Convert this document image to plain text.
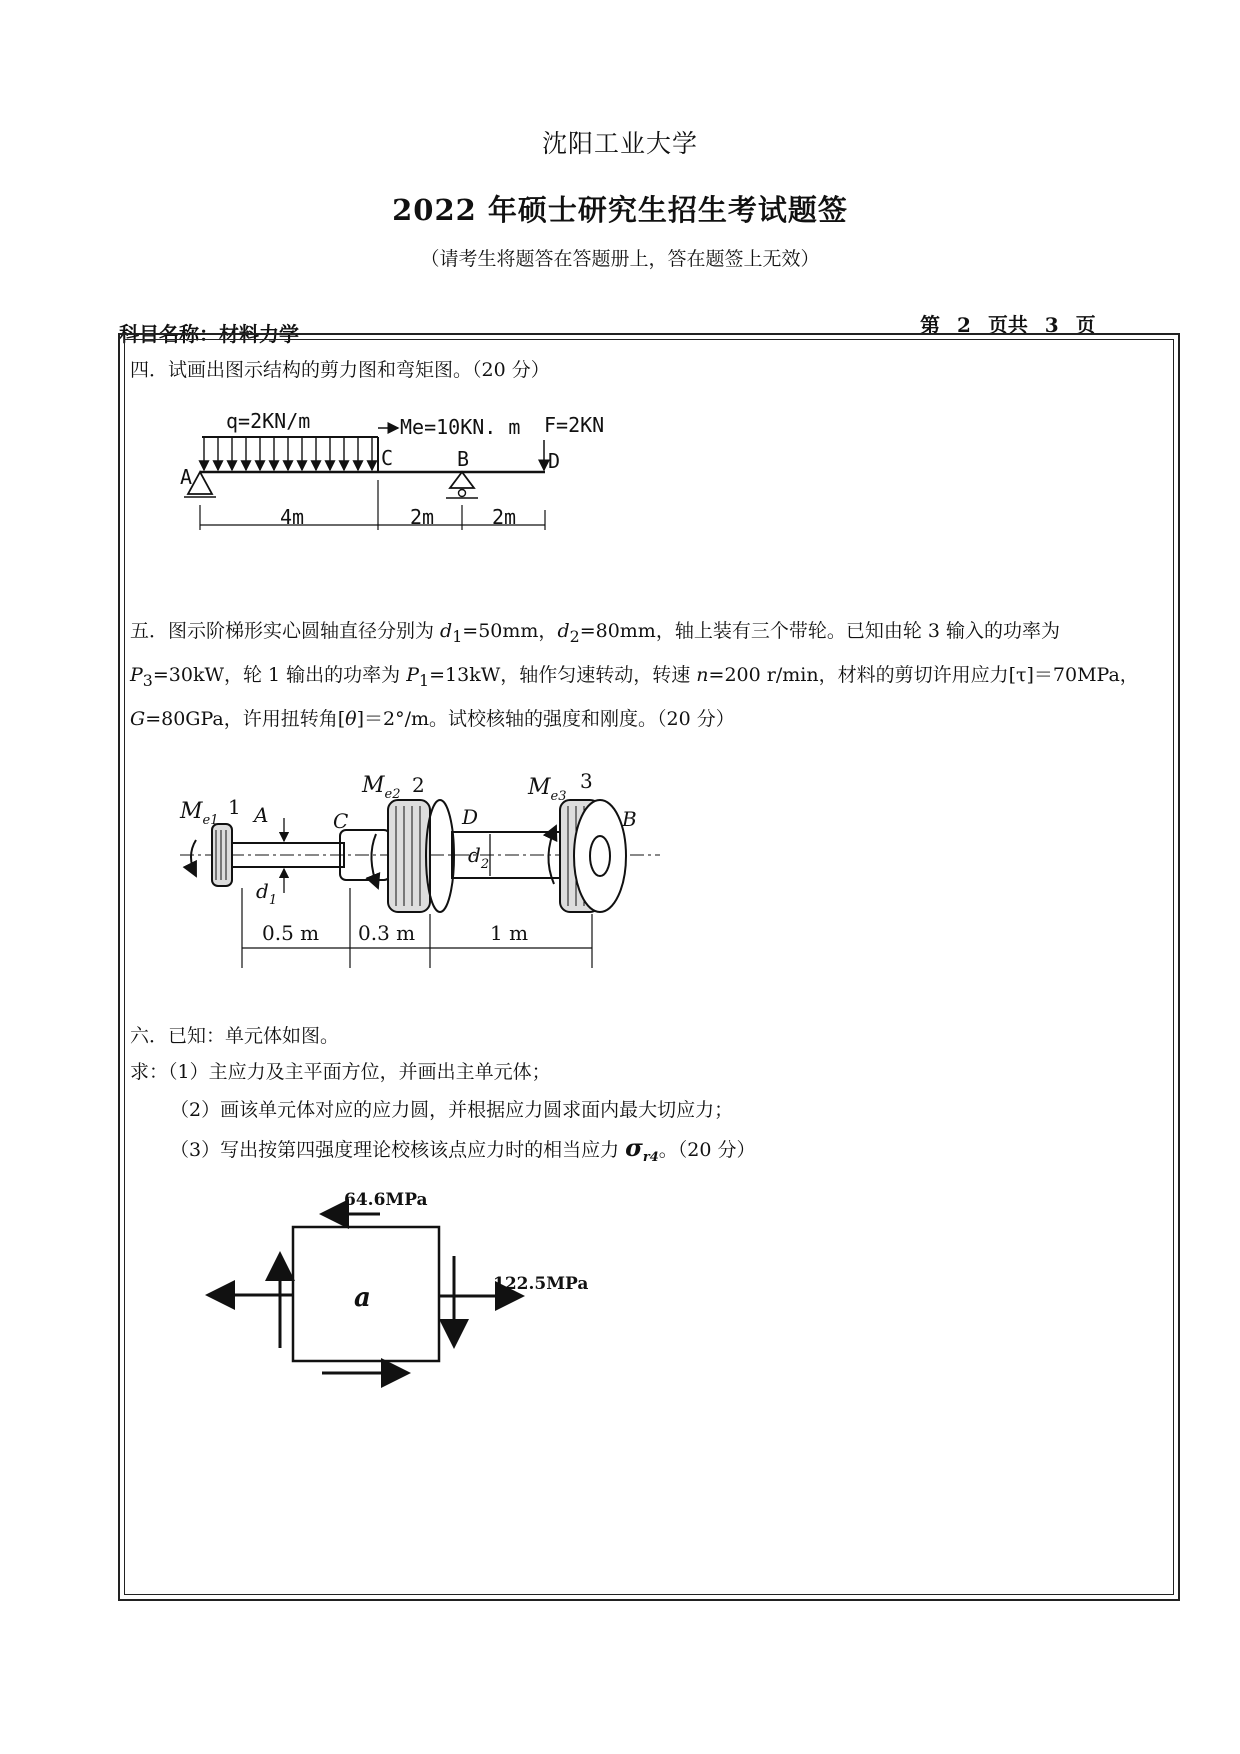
沈阳工业大学
2022 年硕士研究生招生考试题签
（请考生将题答在答题册上，答在题签上无效）
科目名称：材料力学	第 2 页共 3 页
四．试画出图示结构的剪力图和弯矩图。（20 分）
q=2KN/m	Me=10KN. m F=2KN
A
C	B	D
4m	2m	2m
$M_{e1}$
1 A	C
$M_{e2}$ 2
D
$M_{e3}$
3
B
$d_1$
$d_2$
0.5 m 0.3 m	1 m
64.6MPa
122.5MPa
a
五．图示阶梯形实心圆轴直径分别为 $d_1=50mm$，$d_2=80mm$，轴上装有三个带轮。已知由轮 3 输入的功率为$P_3=30kW$，轮 1 输出的功率为 $P_1=13kW$，轴作匀速转动，转速 n=200 r/min，材料的剪切许用应力[τ]＝70MPa，G=80GPa，许用扭转角[θ]＝2°/m。试校核轴的强度和刚度。（20 分）
六．已知：单元体如图。
求：（1）主应力及主平面方位，并画出主单元体；
（2）画该单元体对应的应力圆，并根据应力圆求面内最大切应力；
（3）写出按第四强度理论校核该点应力时的相当应力 $\sigma_{r4}$。（20 分）
